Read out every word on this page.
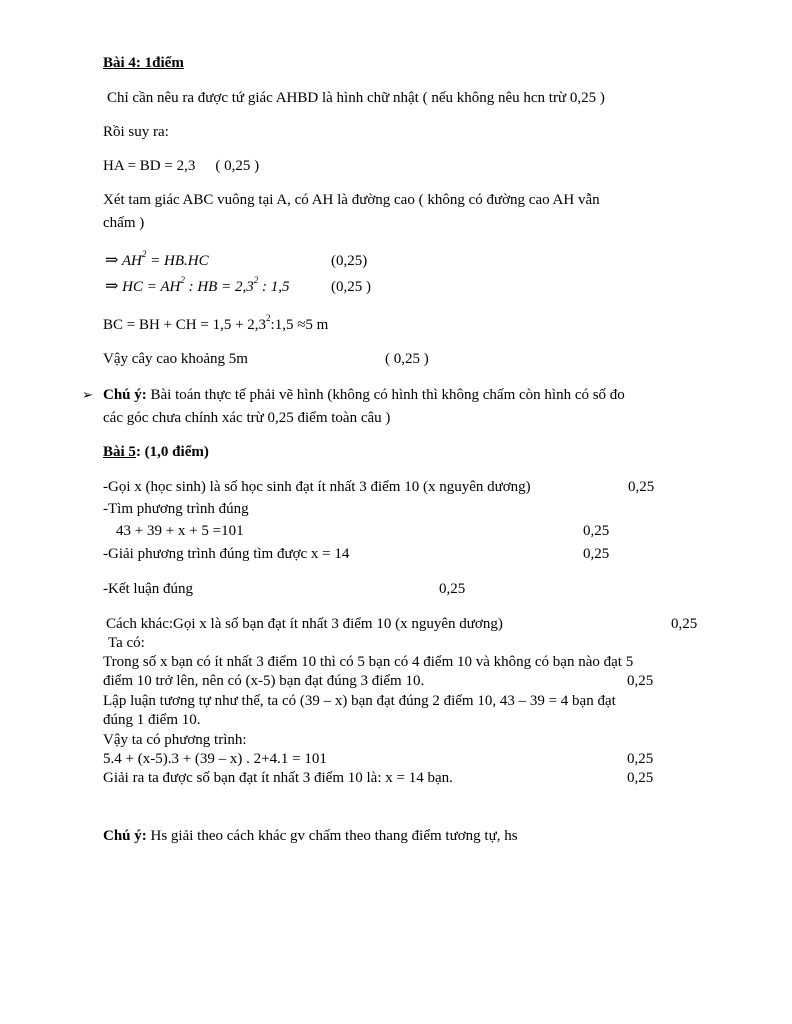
Bài 4: 1điểm
Chỉ cần nêu ra được tứ giác AHBD là hình chữ nhật ( nếu không nêu hcn trừ 0,25 )
Rồi suy ra:
HA = BD = 2,3 ( 0,25 )
Xét tam giác ABC vuông tại A, có AH là đường cao ( không có đường cao AH vẫn
chấm )
⇒ $AH^2 = HB.HC$	(0,25)
⇒ HC = $AH^2$ : HB = $2,3^2$ : 1,5	(0,25 )
BC = BH + CH = $1,5 + 2,3^2:1,5 \approx 5$ m
Vậy cây cao khoảng 5m	( 0,25 )
➢ Chú ý: Bài toán thực tế phải vẽ hình (không có hình thì không chấm còn hình có số đo
các góc chưa chính xác trừ 0,25 điểm toàn câu )
Bài 5: (1,0 điểm)
-Gọi x (học sinh) là số học sinh đạt ít nhất 3 điểm 10 (x nguyên dương)	0,25
-Tìm phương trình đúng
43 + 39 + x + 5 =101	0,25
-Giải phương trình đúng tìm được x = 14	0,25
-Kết luận đúng	0,25
Cách khác:Gọi x là số bạn đạt ít nhất 3 điểm 10 (x nguyên dương)	0,25
Ta có:
Trong số x bạn có ít nhất 3 điểm 10 thì có 5 bạn có 4 điểm 10 và không có bạn nào đạt 5
điểm 10 trở lên, nên có (x-5) bạn đạt đúng 3 điểm 10.	0,25
Lập luận tương tự như thế, ta có (39 – x) bạn đạt đúng 2 điểm 10, 43 – 39 = 4 bạn đạt
đúng 1 điểm 10.
Vậy ta có phương trình:
5.4 + (x-5).3 + (39 – x) . 2+4.1 = 101	0,25
Giải ra ta được số bạn đạt ít nhất 3 điểm 10 là: x = 14 bạn.	0,25
Chú ý: Hs giải theo cách khác gv chấm theo thang điểm tương tự, hs
